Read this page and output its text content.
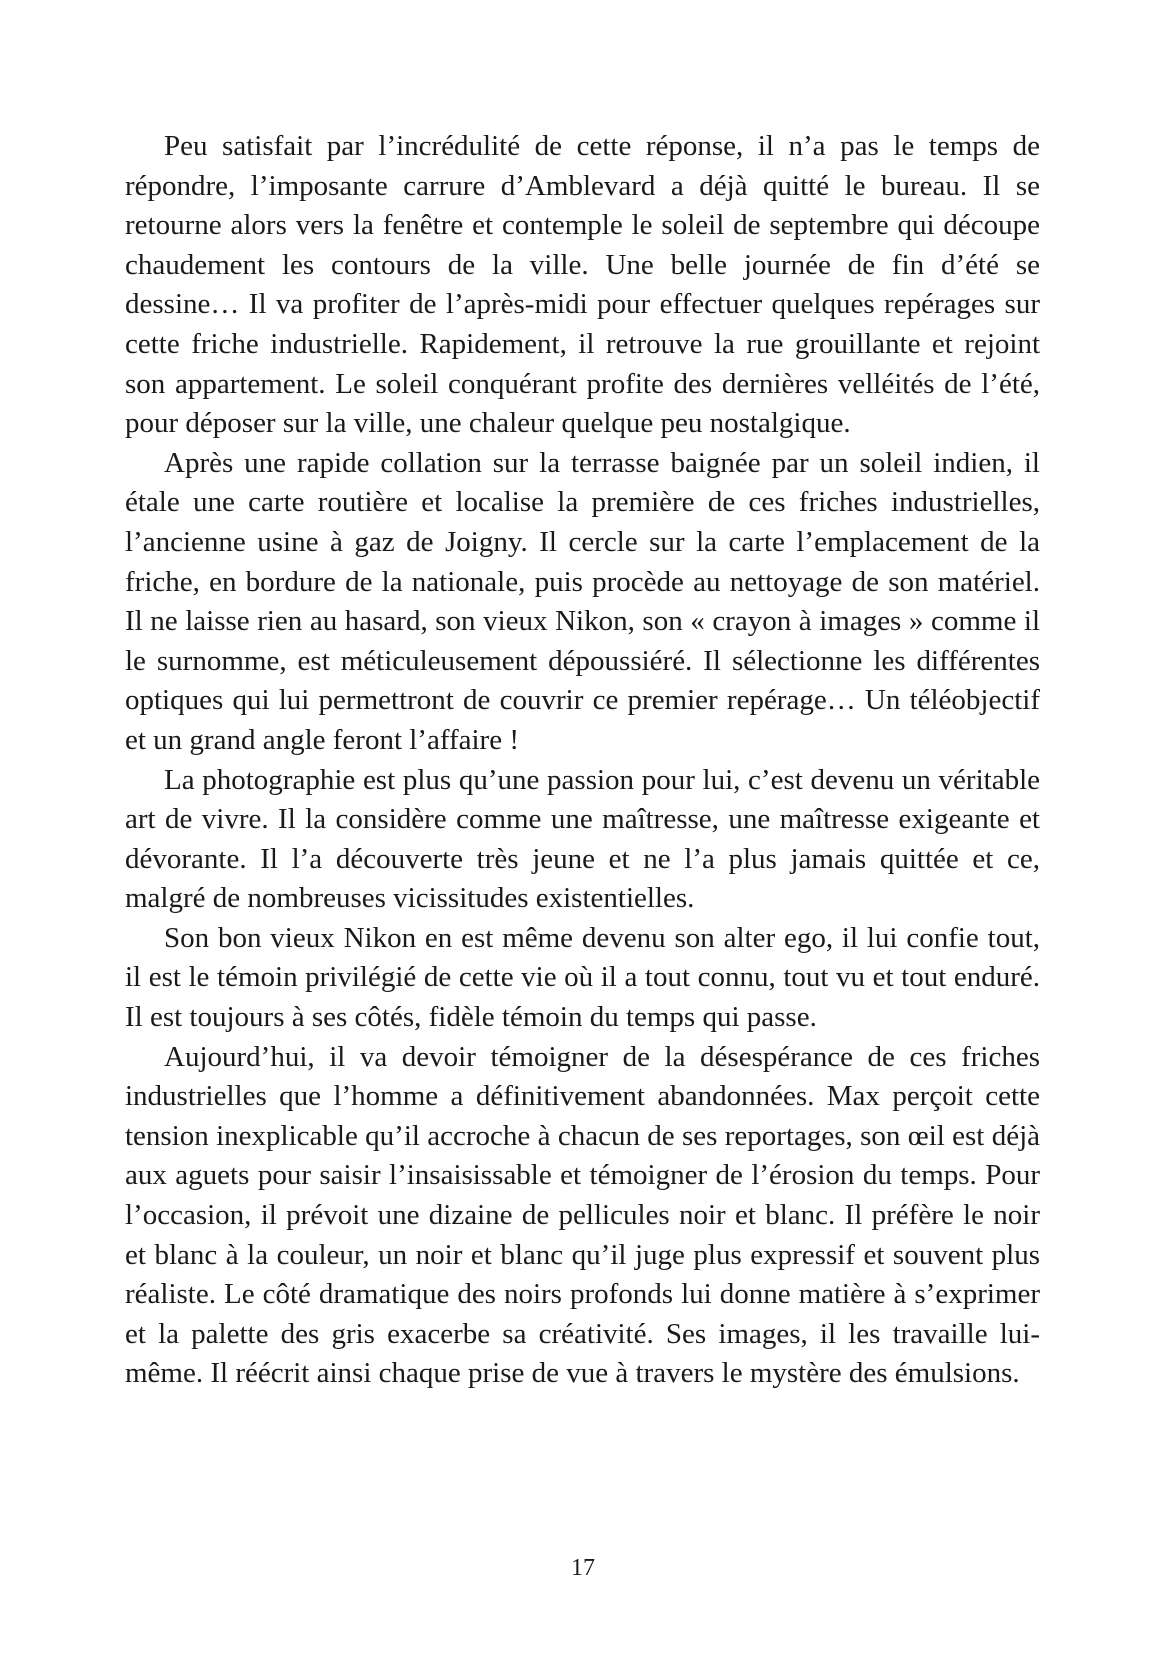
Peu satisfait par l’incrédulité de cette réponse, il n’a pas le temps de répondre, l’imposante carrure d’Amblevard a déjà quitté le bureau. Il se retourne alors vers la fenêtre et contemple le soleil de septembre qui découpe chaudement les contours de la ville. Une belle journée de fin d’été se dessine… Il va profiter de l’après-midi pour effectuer quelques repérages sur cette friche industrielle. Rapidement, il retrouve la rue grouillante et rejoint son appartement. Le soleil conquérant profite des dernières velléités de l’été, pour déposer sur la ville, une chaleur quelque peu nostalgique.

Après une rapide collation sur la terrasse baignée par un soleil indien, il étale une carte routière et localise la première de ces friches industrielles, l’ancienne usine à gaz de Joigny. Il cercle sur la carte l’emplacement de la friche, en bordure de la nationale, puis procède au nettoyage de son matériel. Il ne laisse rien au hasard, son vieux Nikon, son « crayon à images » comme il le surnomme, est méticuleusement dépoussiéré. Il sélectionne les différentes optiques qui lui permettront de couvrir ce premier repérage… Un téléobjectif et un grand angle feront l’affaire !

La photographie est plus qu’une passion pour lui, c’est devenu un véritable art de vivre. Il la considère comme une maîtresse, une maîtresse exigeante et dévorante. Il l’a découverte très jeune et ne l’a plus jamais quittée et ce, malgré de nombreuses vicissitudes existentielles.

Son bon vieux Nikon en est même devenu son alter ego, il lui confie tout, il est le témoin privilégié de cette vie où il a tout connu, tout vu et tout enduré. Il est toujours à ses côtés, fidèle témoin du temps qui passe.

Aujourd’hui, il va devoir témoigner de la désespérance de ces friches industrielles que l’homme a définitivement abandonnées. Max perçoit cette tension inexplicable qu’il accroche à chacun de ses reportages, son œil est déjà aux aguets pour saisir l’insaisissable et témoigner de l’érosion du temps. Pour l’occasion, il prévoit une dizaine de pellicules noir et blanc. Il préfère le noir et blanc à la couleur, un noir et blanc qu’il juge plus expressif et souvent plus réaliste. Le côté dramatique des noirs profonds lui donne matière à s’exprimer et la palette des gris exacerbe sa créativité. Ses images, il les travaille lui-même. Il réécrit ainsi chaque prise de vue à travers le mystère des émulsions.

17
